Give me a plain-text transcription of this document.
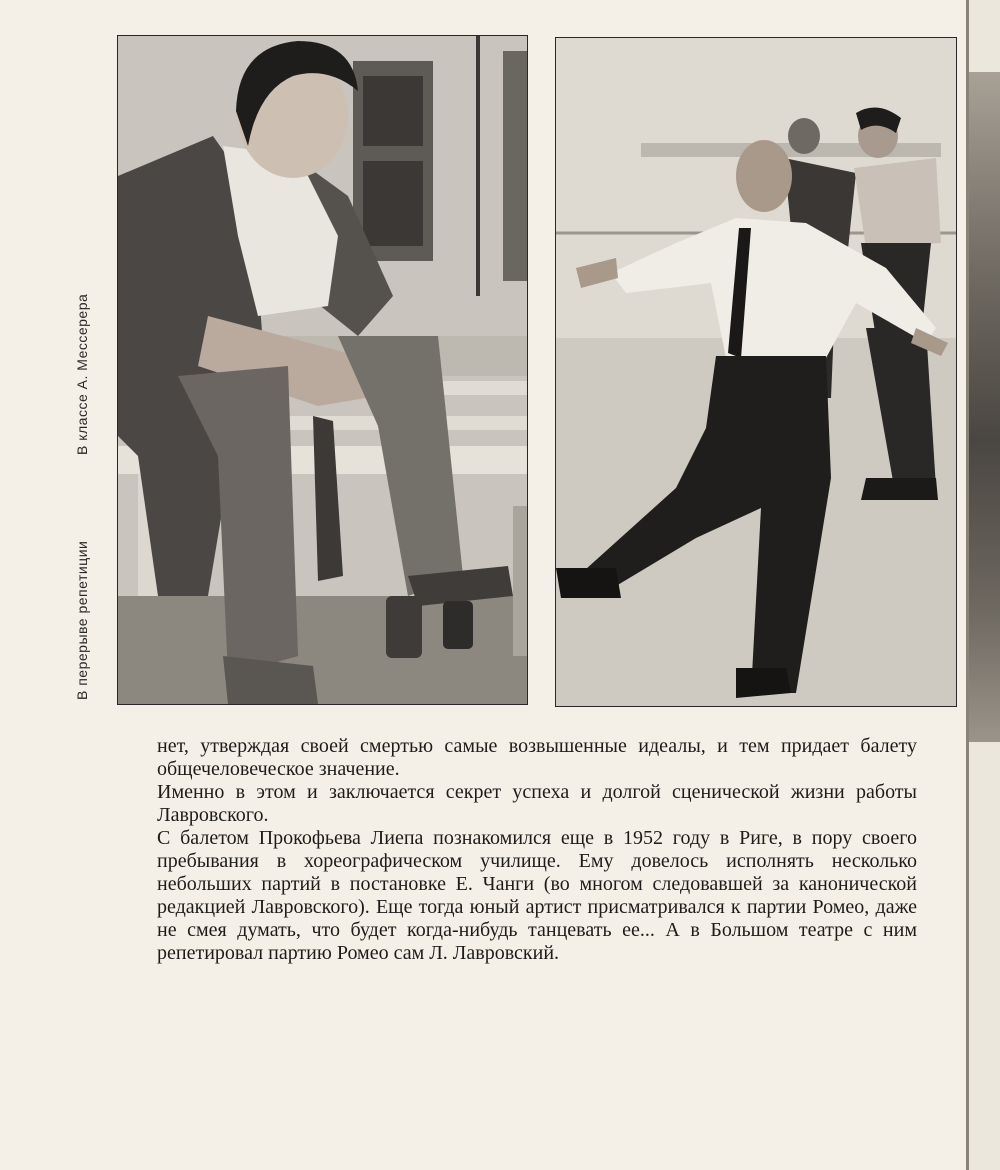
В перерыве репетиции
В классе А. Мессерера

нет, утверждая своей смертью самые возвышенные идеалы, и тем придает балету общечеловеческое значение.

Именно в этом и заключается секрет успеха и долгой сценической жизни работы Лавровского.

С балетом Прокофьева Лиепа познакомился еще в 1952 году в Риге, в пору своего пребывания в хореографическом училище. Ему довелось исполнять несколько небольших партий в постановке Е. Чанги (во многом следовавшей за канонической редакцией Лавровского). Еще тогда юный артист присматривался к партии Ромео, даже не смея думать, что будет когда-нибудь танцевать ее... А в Большом театре с ним репетировал партию Ромео сам Л. Лавровский.
